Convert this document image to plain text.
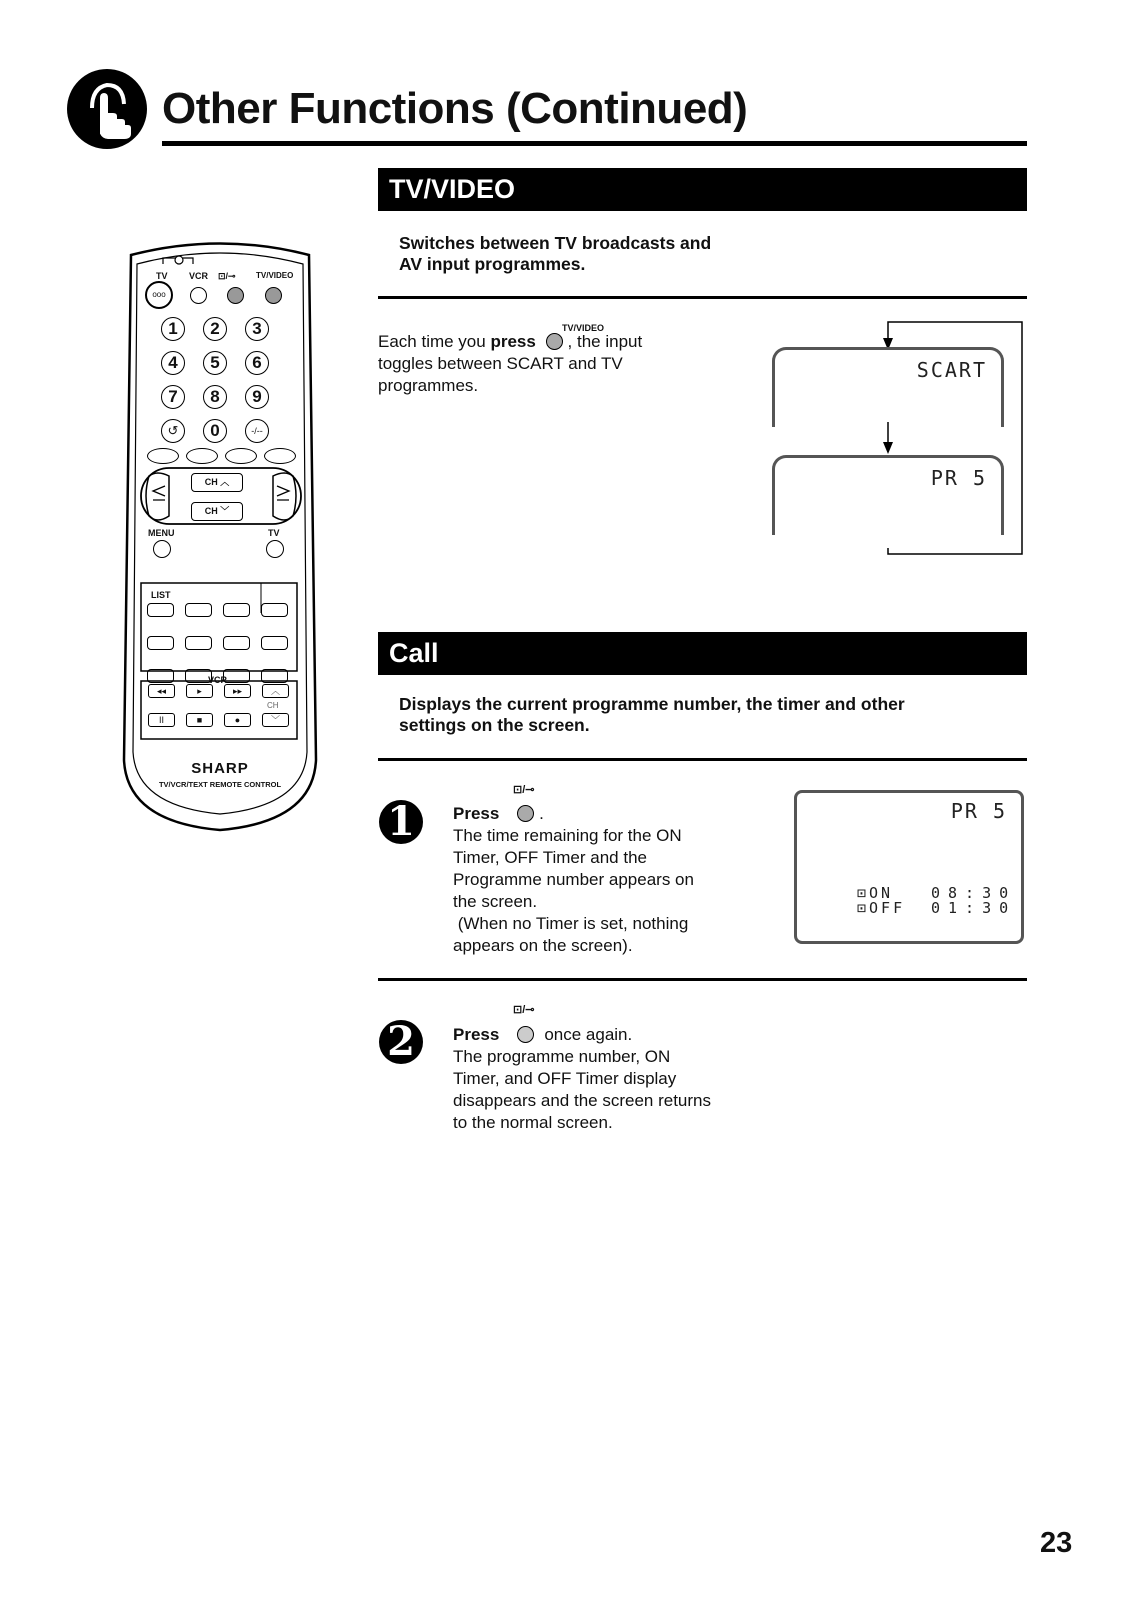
Other Functions (Continued)
TV VCR ⊡/⊸	TV/VIDEO
ooo
1	2	3
4	5	6
7	8	9
↺	0	-/--
CH ︿
CH ﹀
MENU	TV
LIST
VCR
◂◂	▸	▸▸	︿
II	■	●	﹀
CH
SHARP
TV/VCR/TEXT REMOTE CONTROL
TV/VIDEO
Switches between TV broadcasts and
AV input programmes.
TV/VIDEO
Each time you press , the input
toggles between SCART and TV
programmes.
SCART
PR 5
Call
Displays the current programme number, the timer and other
settings on the screen.
1
⊡/⊸
Press .
The time remaining for the ON
Timer, OFF Timer and the
Programme number appears on
the screen.
(When no Timer is set, nothing
appears on the screen).
PR 5
⊡ON	08:30
⊡OFF 01:30
2
⊡/⊸
Press	once again.
The programme number, ON
Timer, and OFF Timer display
disappears and the screen returns
to the normal screen.
23
